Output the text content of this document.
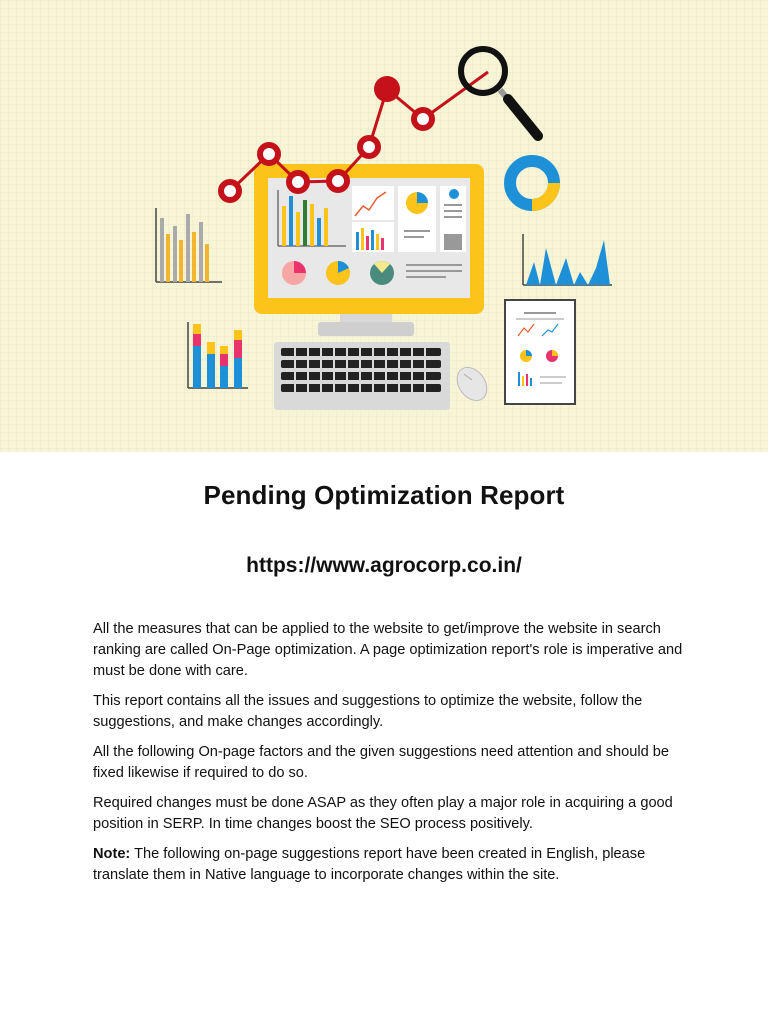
Pending Optimization Report
https://www.agrocorp.co.in/

All the measures that can be applied to the website to get/improve the website in search ranking are called On-Page optimization. A page optimization report's role is imperative and must be done with care.

This report contains all the issues and suggestions to optimize the website, follow the suggestions, and make changes accordingly.

All the following On-page factors and the given suggestions need attention and should be fixed likewise if required to do so.

Required changes must be done ASAP as they often play a major role in acquiring a good position in SERP. In time changes boost the SEO process positively.

Note: The following on-page suggestions report have been created in English, please translate them in Native language to incorporate changes within the site.
